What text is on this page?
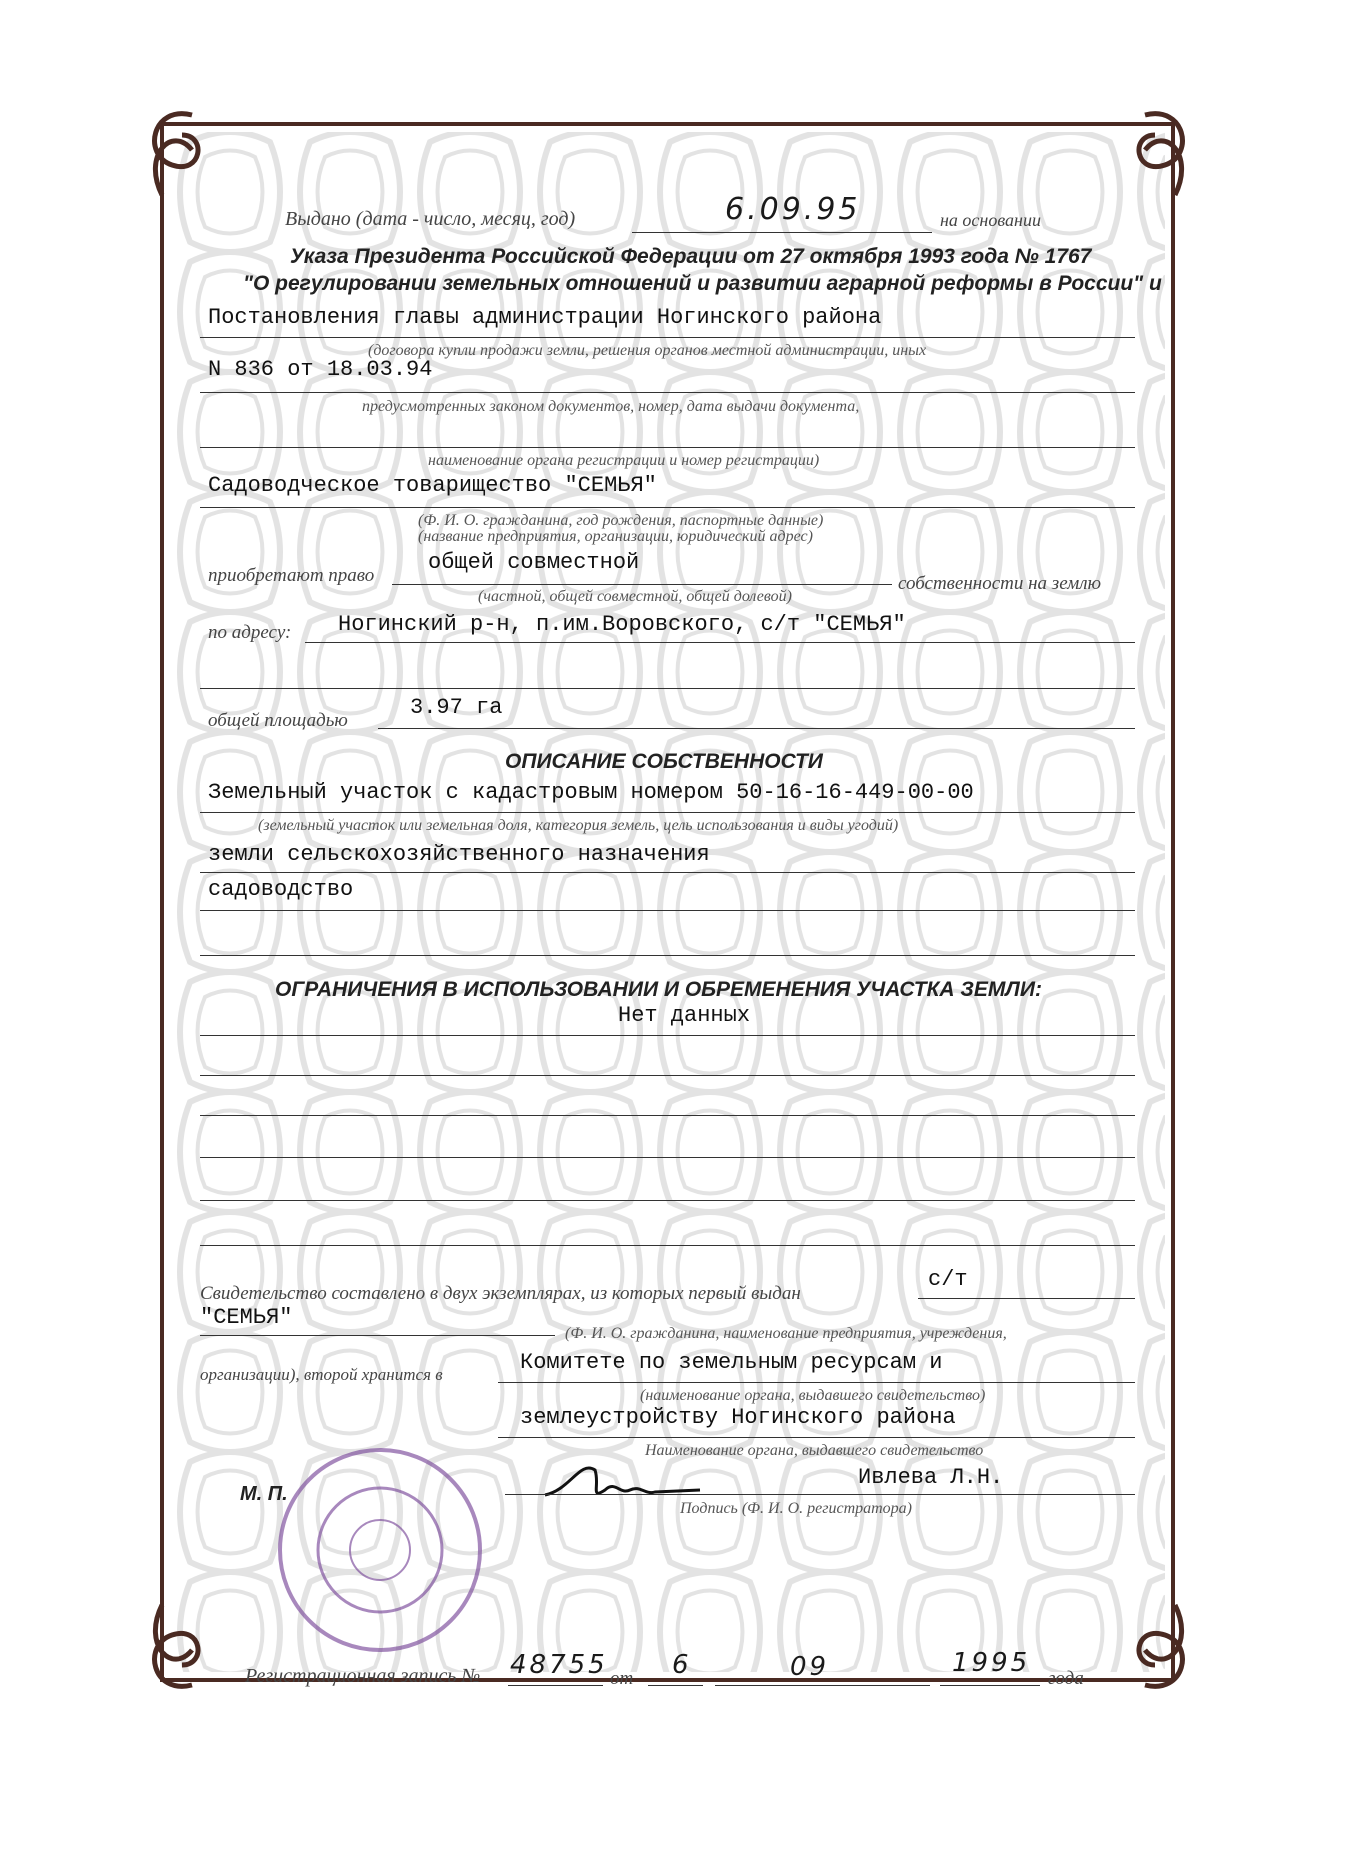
Выдано (дата - число, месяц, год)	6.09.95	на основании
Указа Президента Российской Федерации от 27 октября 1993 года № 1767
"О регулировании земельных отношений и развитии аграрной реформы в России" и
Постановления главы администрации Ногинского района
(договора купли продажи земли, решения органов местной администрации, иных
N 836 от 18.03.94
предусмотренных законом документов, номер, дата выдачи документа,
наименование органа регистрации и номер регистрации)
Садоводческое товарищество "СЕМЬЯ"
(Ф. И. О. гражданина, год рождения, паспортные данные)
(название предприятия, организации, юридический адрес)
приобретают право
общей совместной
собственности на землю
(частной, общей совместной, общей долевой)
по адресу: Ногинский р-н, п.им.Воровского, с/т "СЕМЬЯ"
общей площадью
3.97 га
ОПИСАНИЕ СОБСТВЕННОСТИ
Земельный участок с кадастровым номером 50-16-16-449-00-00
(земельный участок или земельная доля, категория земель, цель использования и виды угодий)
земли сельскохозяйственного назначения
садоводство
ОГРАНИЧЕНИЯ В ИСПОЛЬЗОВАНИИ И ОБРЕМЕНЕНИЯ УЧАСТКА ЗЕМЛИ:
Нет данных
Свидетельство составлено в двух экземплярах, из которых первый выдан
с/т
"СЕМЬЯ"
(Ф. И. О. гражданина, наименование предприятия, учреждения,
организации), второй хранится в	Комитете по земельным ресурсам и
(наименование органа, выдавшего свидетельство)
землеустройству Ногинского района
Наименование органа, выдавшего свидетельство
М. П.
Ивлева Л.Н.
Подпись (Ф. И. О. регистратора)
Регистрационная запись № 48755 от 6	09	1995
года
